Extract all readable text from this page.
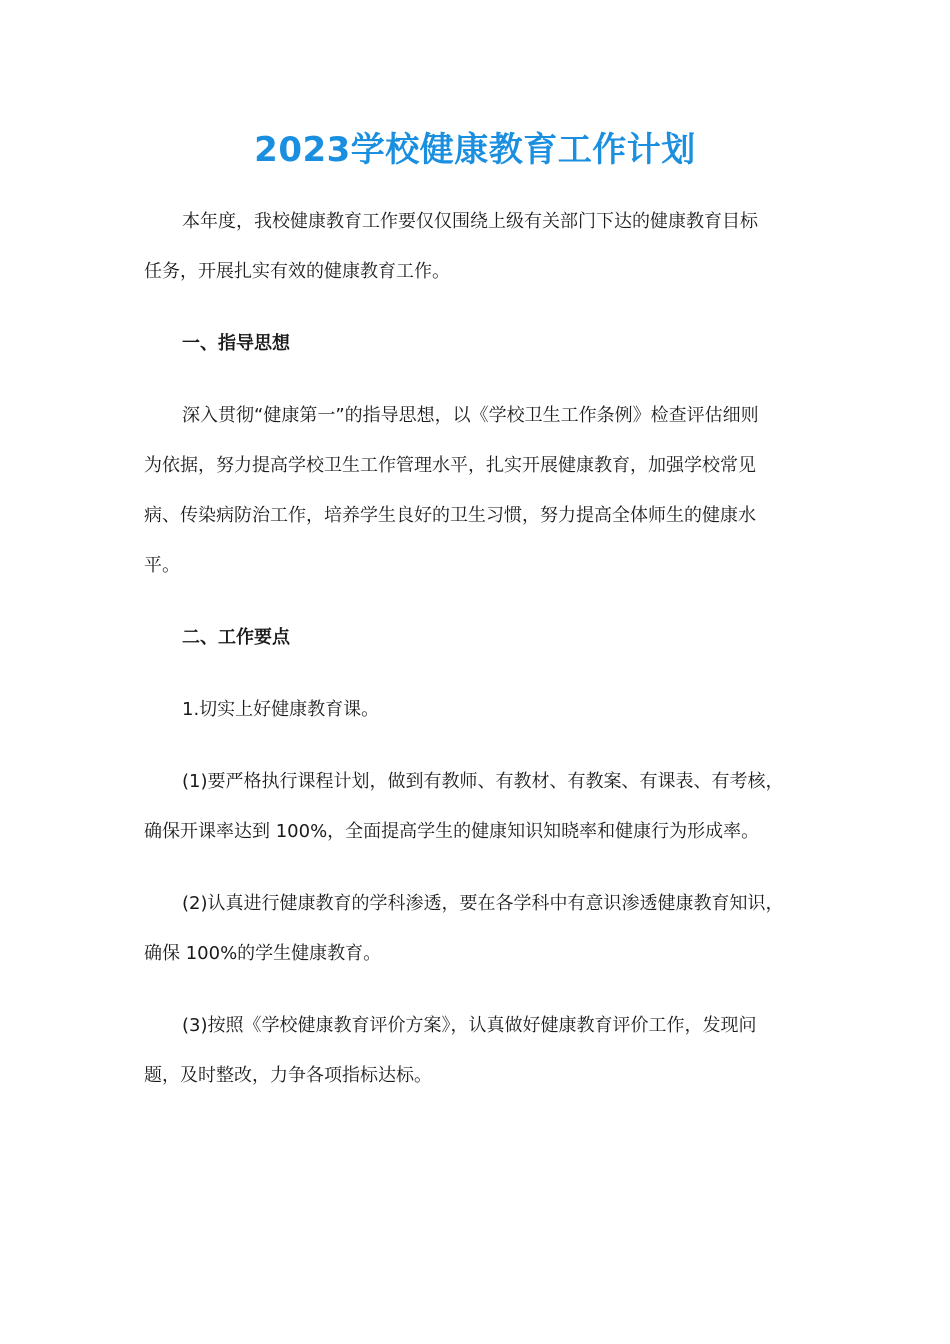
2023学校健康教育工作计划
本年度，我校健康教育工作要仅仅围绕上级有关部门下达的健康教育目标
任务，开展扎实有效的健康教育工作。
一、指导思想
深入贯彻“健康第一”的指导思想，以《学校卫生工作条例》检查评估细则
为依据，努力提高学校卫生工作管理水平，扎实开展健康教育，加强学校常见
病、传染病防治工作，培养学生良好的卫生习惯，努力提高全体师生的健康水
平。
二、工作要点
1.切实上好健康教育课。
(1)要严格执行课程计划，做到有教师、有教材、有教案、有课表、有考核，
确保开课率达到 100%，全面提高学生的健康知识知晓率和健康行为形成率。
(2)认真进行健康教育的学科渗透，要在各学科中有意识渗透健康教育知识，
确保 100%的学生健康教育。
(3)按照《学校健康教育评价方案》，认真做好健康教育评价工作，发现问
题，及时整改，力争各项指标达标。
